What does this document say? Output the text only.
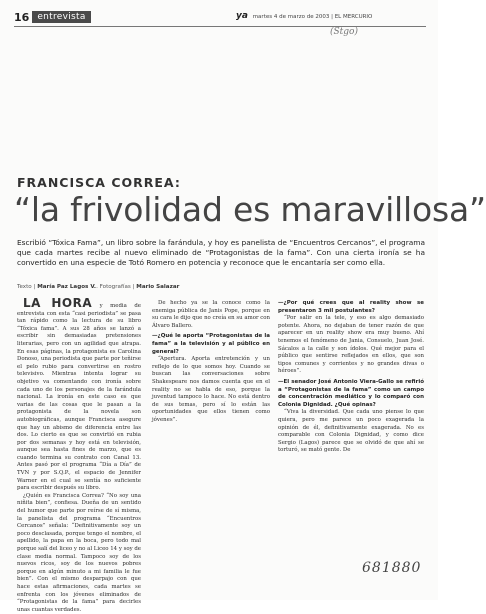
16 entrevista	ya martes 4 de marzo de 2003 | EL MERCURIO
(Stgo)
FRANCISCA CORREA:
“la frivolidad es maravillosa”
Escribió “Tóxica Fama”, un libro sobre la farándula, y hoy es panelista de “Encuentros Cercanos”, el programa que cada martes recibe al nuevo eliminado de “Protagonistas de la fama”. Con una cierta ironía se ha convertido en una especie de Totó Romero en potencia y reconoce que le encantaría ser como ella.
Texto | María Paz Lagos V.. Fotografías | Mario Salazar

LA HORA y media de entrevista con esta “casi periodista” se pasa tan rápido como la lectura de su libro “Tóxica fama”. A sus 28 años se lanzó a escribir sin demasiadas pretensiones literarias, pero con un agilidad que atrapa. En esas páginas, la protagonista es Carolina Donoso, una periodista que parte por teñirse el pelo rubio para convertirse en rostro televisivo. Mientras intenta lograr su objetivo va comentando con ironía sobre cada uno de los personajes de la farándula nacional. La ironía en este caso es que varias de las cosas que le pasan a la protagonista de la novela son autobiográficas, aunque Francisca asegure que hay un abismo de diferencia entre las dos. Lo cierto es que se convirtió en rubia por dos semanas y hoy está en televisión, aunque sea hasta fines de marzo, que es cuando termina su contrato con Canal 13. Antes pasó por el programa “Día a Día” de TVN y por S.Q.P., el espacio de Jennifer Warner en el cual se sentía no suficiente para escribir después su libro.

¿Quién es Francisca Correa? “No soy una niñita bien”, confiesa. Dueña de un sentido del humor que parte por reírse de sí misma, la panelista del programa “Encuentros Cercanos” señala: “Definitivamente soy un poco desclasada, porque tengo el nombre, el apellido, la papa en la boca, pero todo mal porque salí del liceo y no al Liceo 14 y soy de clase media normal. Tampoco soy de los nuevos ricos, soy de los nuevos pobres porque en algún minuto a mi familia le fue bien”. Con el mismo desparpajo con que hace estas afirmaciones, cada martes se enfrenta con los jóvenes eliminados de “Protagonistas de la fama” para decirles unas cuantas verdades.

De hecho ya se la conoce como la enemiga pública de Janis Pope, porque en su cara le dijo que no creía en su amor con Álvaro Ballero.

—¿Qué le aporta “Protagonistas de la fama” a la televisión y al público en general?

“Apertura. Aporta entretención y un reflejo de lo que somos hoy. Cuando se buscan las conversaciones sobre Shakespeare nos damos cuenta que en el reality no se habla de eso, porque la juventud tampoco lo hace. No está dentro de sus temas, pero sí lo están las oportunidades que ellos tienen como jóvenes”.

—¿Por qué crees que al reality show se presentaron 3 mil postulantes?

“Por salir en la tele, y eso es algo demasiado potente. Ahora, no dejaban de tener razón de que aparecer en un reality show era muy bueno. Ahí tenemos el fenómeno de Jania, Consuelo, Juan José. Sácalos a la calle y son ídolos. Qué mejor para el público que sentirse reflejados en ellos, que son tipos comunes y corrientes y no grandes divas o héroes”.

—El senador José Antonio Viera-Gallo se refirió a “Protagonistas de la fama” como un campo de concentración mediático y lo comparó con Colonia Dignidad. ¿Qué opinas?

“Viva la diversidad. Que cada uno piense lo que quiera, pero me parece un poco exagerada la opinión de él, definitivamente exagerada. No es comparable con Colonia Dignidad, y como dice Sergio (Lagos) parece que se olvidó de que ahí se torturó, se mató gente. De

681880
